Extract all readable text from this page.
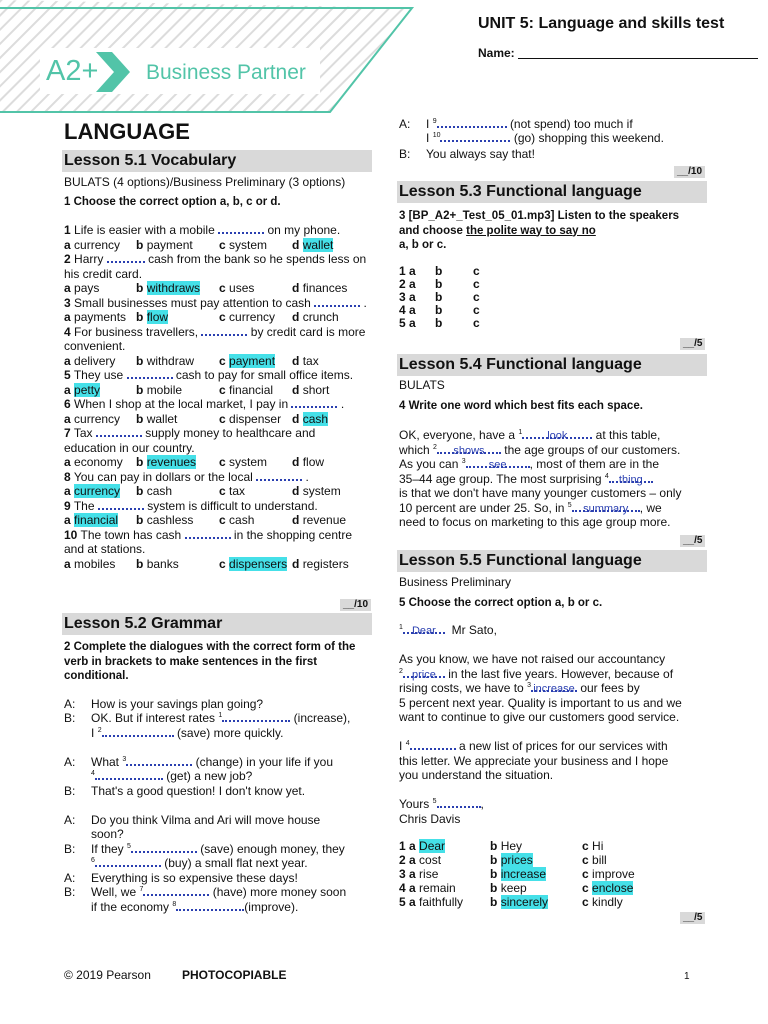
A2+ Business Partner
UNIT 5: Language and skills test
Name:
LANGUAGE
Lesson 5.1 Vocabulary
BULATS (4 options)/Business Preliminary (3 options)
1 Choose the correct option a, b, c or d.
1 Life is easier with a mobile	on my phone.
a currency b payment c system d wallet
2 Harry	cash from the bank so he spends less on his credit card.
a pays	b withdraws c uses	d finances
3 Small businesses must pay attention to cash	.
a payments b flow	c currency d crunch
4 For business travellers,	by credit card is more convenient.
a delivery b withdraw c payment d tax
5 They use	cash to pay for small office items.
a petty	b mobile	c financial d short
6 When I shop at the local market, I pay in	.
a currency b wallet	c dispenser d cash
7 Tax	supply money to healthcare and education in our country.
a economy b revenues c system d flow
8 You can pay in dollars or the local	.
a currency b cash	c tax	d system
9 The	system is difficult to understand.
a financial b cashless c cash	d revenue
10 The town has cash	in the shopping centre and at stations.
a mobiles b banks	c dispensers d registers
__/10
Lesson 5.2 Grammar
2 Complete the dialogues with the correct form of the verb in brackets to make sentences in the first conditional.
A: How is your savings plan going?
B: OK. But if interest rates $^1$	(increase),
I $^2$	(save) more quickly.
A: What $^3$	(change) in your life if you
$^4$	(get) a new job?
B: That's a good question! I don't know yet.
A: Do you think Vilma and Ari will move house
soon?
B: If they $^5$	(save) enough money, they
$^6$	(buy) a small flat next year.
A: Everything is so expensive these days!
B: Well, we $^7$	(have) more money soon
if the economy $^8$	(improve).
A: I $^9$	(not spend) too much if
I $^{10}$	(go) shopping this weekend.
B: You always say that!
__/10
Lesson 5.3 Functional language
3 [BP_A2+_Test_05_01.mp3] Listen to the speakers and choose the polite way to say no
a, b or c.
1 a b	c
2 a b	c
3 a b	c
4 a b	c
5 a b	c
__/5
Lesson 5.4 Functional language
BULATS
4 Write one word which best fits each space.
OK, everyone, have a $^1$ look at this table,
which $^2$ shows the age groups of our customers.
As you can $^3$ see , most of them are in the
35–44 age group. The most surprising $^4$ thing
is that we don't have many younger customers – only
10 percent are under 25. So, in $^5$ summary , we
need to focus on marketing to this age group more.
__/5
Lesson 5.5 Functional language
Business Preliminary
5 Choose the correct option a, b or c.
$^1$ Dear Mr Sato,
As you know, we have not raised our accountancy
$^2$ price in the last five years. However, because of
rising costs, we have to $^3$ increase our fees by
5 percent next year. Quality is important to us and we
want to continue to give our customers good service.
I $^4$	a new list of prices for our services with
this letter. We appreciate your business and I hope
you understand the situation.
Yours $^5$	,
Chris Davis
1 a Dear	b Hey	c Hi
2 a cost	b prices	c bill
3 a rise	b increase	c improve
4 a remain	b keep	c enclose
5 a faithfully b sincerely	c kindly
__/5
© 2019 Pearson	PHOTOCOPIABLE	1
